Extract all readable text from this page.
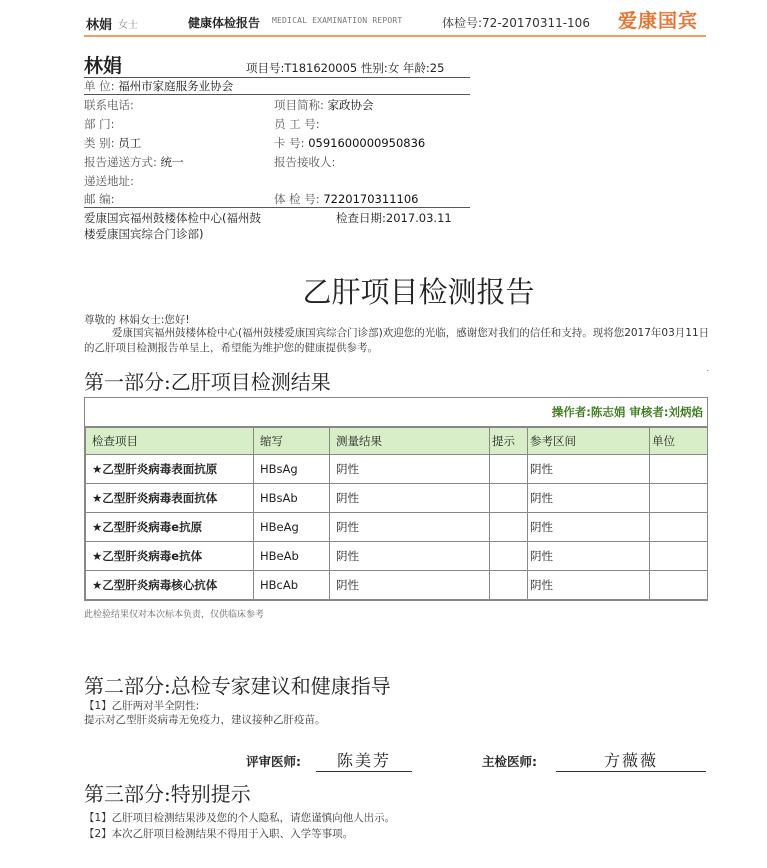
林娟 女士	健康体检报告 MEDICAL EXAMINATION REPORT	体检号:72-20170311-106 爱康国宾
林娟	项目号:T181620005 性别:女 年龄:25
单 位: 福州市家庭服务业协会
联系电话:	项目简称: 家政协会
部 门:	员 工 号:
类 别: 员工	卡 号: 0591600000950836
报告递送方式: 统一	报告接收人:
递送地址:
邮 编:	体 检 号: 7220170311106
爱康国宾福州鼓楼体检中心(福州鼓楼爱康国宾综合门诊部)
检查日期:2017.03.11
乙肝项目检测报告
尊敬的 林娟女士:您好!
爱康国宾福州鼓楼体检中心(福州鼓楼爱康国宾综合门诊部)欢迎您的光临，感谢您对我们的信任和支持。现将您2017年03月11日的乙肝项目检测报告单呈上，希望能为维护您的健康提供参考。
.
第一部分:乙肝项目检测结果
操作者:陈志娟 审核者:刘炳焰
检查项目	缩写	测量结果	提示	参考区间	单位
★乙型肝炎病毒表面抗原	HBsAg	阴性		阴性	
★乙型肝炎病毒表面抗体	HBsAb	阴性		阴性	
★乙型肝炎病毒e抗原	HBeAg	阴性		阴性	
★乙型肝炎病毒e抗体	HBeAb	阴性		阴性	
★乙型肝炎病毒核心抗体	HBcAb	阴性		阴性	
此检验结果仅对本次标本负责，仅供临床参考
第二部分:总检专家建议和健康指导
【1】乙肝两对半全阴性:
提示对乙型肝炎病毒无免疫力，建议接种乙肝疫苗。
评审医师:	陈美芳	主检医师:	方薇薇
第三部分:特别提示
【1】乙肝项目检测结果涉及您的个人隐私，请您谨慎向他人出示。
【2】本次乙肝项目检测结果不得用于入职、入学等事项。
